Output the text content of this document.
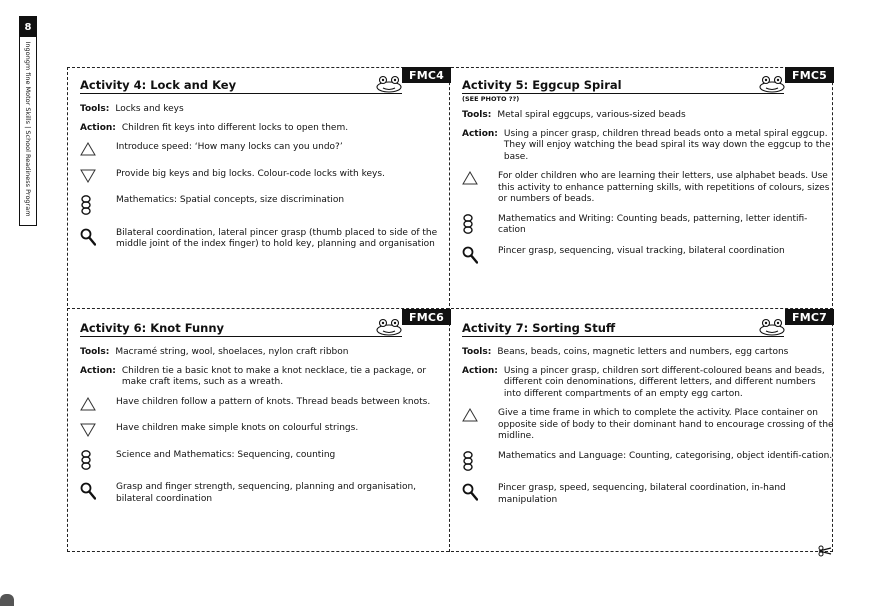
8
Ingongm fine Motor Skills | School Readiness Program	Activity 4: Lock and Key
Tools: Locks and keys
Action: Children fit keys into different locks to open them.
Introduce speed: ‘How many locks can you undo?’
Provide big keys and big locks. Colour-code locks with keys.
Mathematics: Spatial concepts, size discrimination
Bilateral coordination, lateral pincer grasp (thumb placed to side of the middle joint of the index finger) to hold key, planning and organisation
Activity 5: Eggcup Spiral
(SEE PHOTO ??)
Tools: Metal spiral eggcups, various-sized beads
Action: Using a pincer grasp, children thread beads onto a metal spiral eggcup. They will enjoy watching the bead spiral its way down the eggcup to the base.
For older children who are learning their letters, use alphabet beads. Use this activity to enhance patterning skills, with repetitions of colours, sizes or numbers of beads.
Mathematics and Writing: Counting beads, patterning, letter identifi-cation
Pincer grasp, sequencing, visual tracking, bilateral coordination
Activity 6: Knot Funny
Tools: Macramé string, wool, shoelaces, nylon craft ribbon
Action: Children tie a basic knot to make a knot necklace, tie a package, or make craft items, such as a wreath.
Have children follow a pattern of knots. Thread beads between knots.
Have children make simple knots on colourful strings.
Science and Mathematics: Sequencing, counting
Grasp and finger strength, sequencing, planning and organisation, bilateral coordination
Activity 7: Sorting Stuff
Tools: Beans, beads, coins, magnetic letters and numbers, egg cartons
Action: Using a pincer grasp, children sort different-coloured beans and beads, different coin denominations, different letters, and different numbers into different compartments of an empty egg carton.
Give a time frame in which to complete the activity. Place container on opposite side of body to their dominant hand to encourage crossing of the midline.
Mathematics and Language: Counting, categorising, object identifi-cation.
Pincer grasp, speed, sequencing, bilateral coordination, in-hand manipulation
FMC4	FMC5
FMC6	FMC7
